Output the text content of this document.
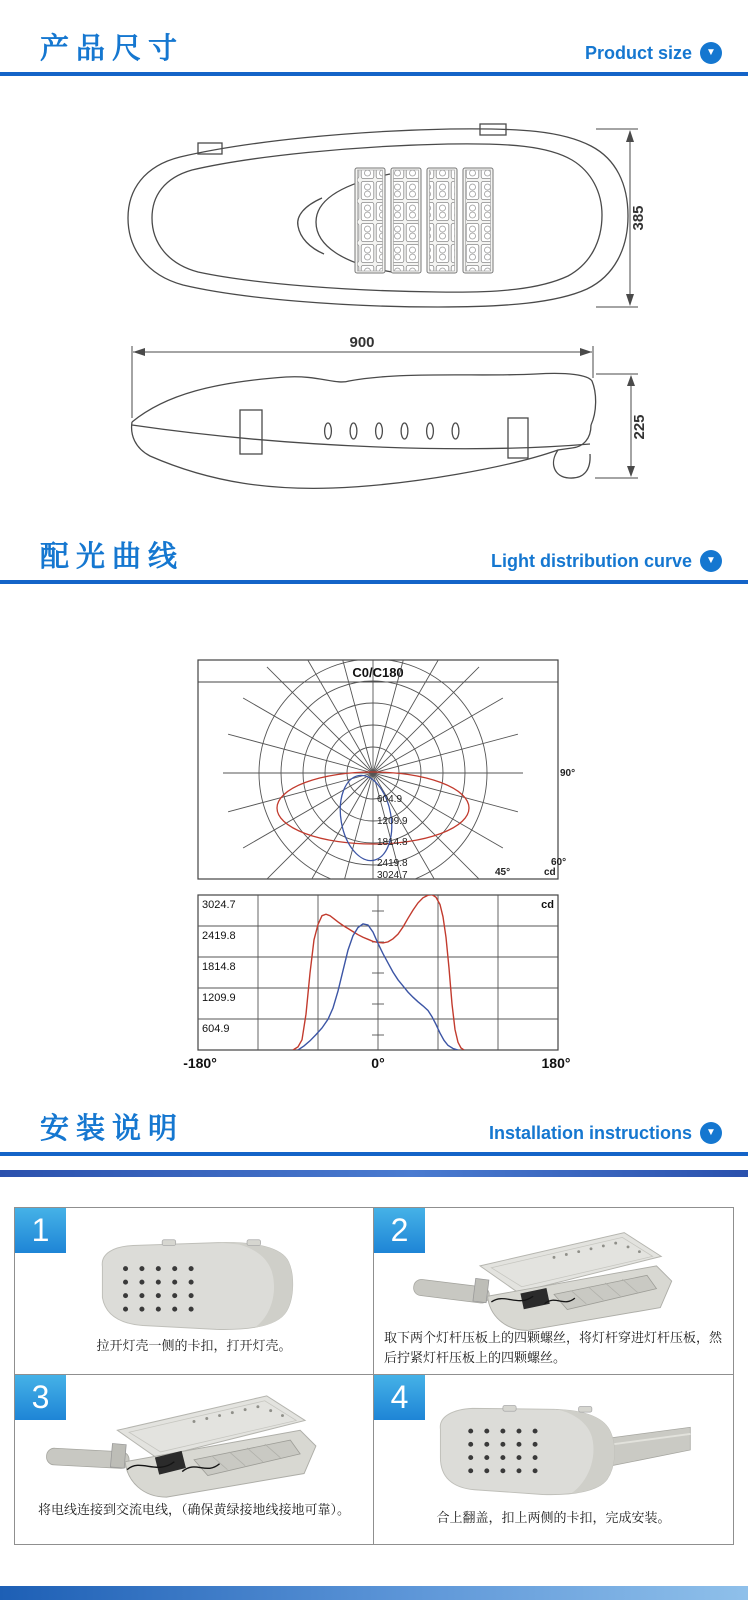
产品尺寸	Product size	▼
385
900
225
配光曲线	Light distribution curve	▼
C0/C180
604.9
1209.9
1814.8
2419.8
3024.7
90°
60°
45°	cd
3024.7
2419.8
1814.8
1209.9
604.9
cd
-180°	0°	180°
安装说明	Installation instructions	▼
1
拉开灯壳一侧的卡扣，打开灯壳。
2
取下两个灯杆压板上的四颗螺丝，将灯杆穿进灯杆压板，然后拧紧灯杆压板上的四颗螺丝。
3
将电线连接到交流电线，（确保黄绿接地线接地可靠）。
4
合上翻盖，扣上两侧的卡扣，完成安装。
